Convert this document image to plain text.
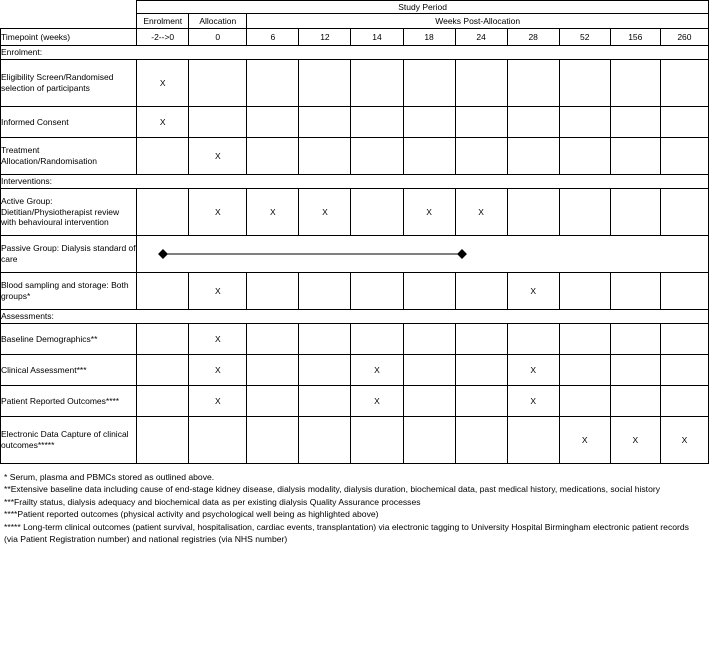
	Study Period										
	Enrolment	Allocation	Weeks Post-Allocation								
Timepoint (weeks)	-2-->0	0	6	12	14	18	24	28	52	156	260
Enrolment:											
Eligibility Screen/Randomised selection of participants	X										
Informed Consent	X										
Treatment Allocation/Randomisation		X									
Interventions:											
Active Group: Dietitian/Physiotherapist review with behavioural intervention		X	X	X		X	X				
Passive Group: Dialysis standard of care											

Blood sampling and storage: Both groups*		X						X			
Assessments:											
Baseline Demographics**		X									
Clinical Assessment***		X			X			X			
Patient Reported Outcomes****		X			X			X			
Electronic Data Capture of clinical outcomes*****									X	X	X
* Serum, plasma and PBMCs stored as outlined above.
**Extensive baseline data including cause of end-stage kidney disease, dialysis modality, dialysis duration, biochemical data, past medical history, medications, social history
***Frailty status, dialysis adequacy and biochemical data as per existing dialysis Quality Assurance processes
****Patient reported outcomes (physical activity and psychological well being as highlighted above)
***** Long-term clinical outcomes (patient survival, hospitalisation, cardiac events, transplantation) via electronic tagging to University Hospital Birmingham electronic patient records (via Patient Registration number) and national registries (via NHS number)
